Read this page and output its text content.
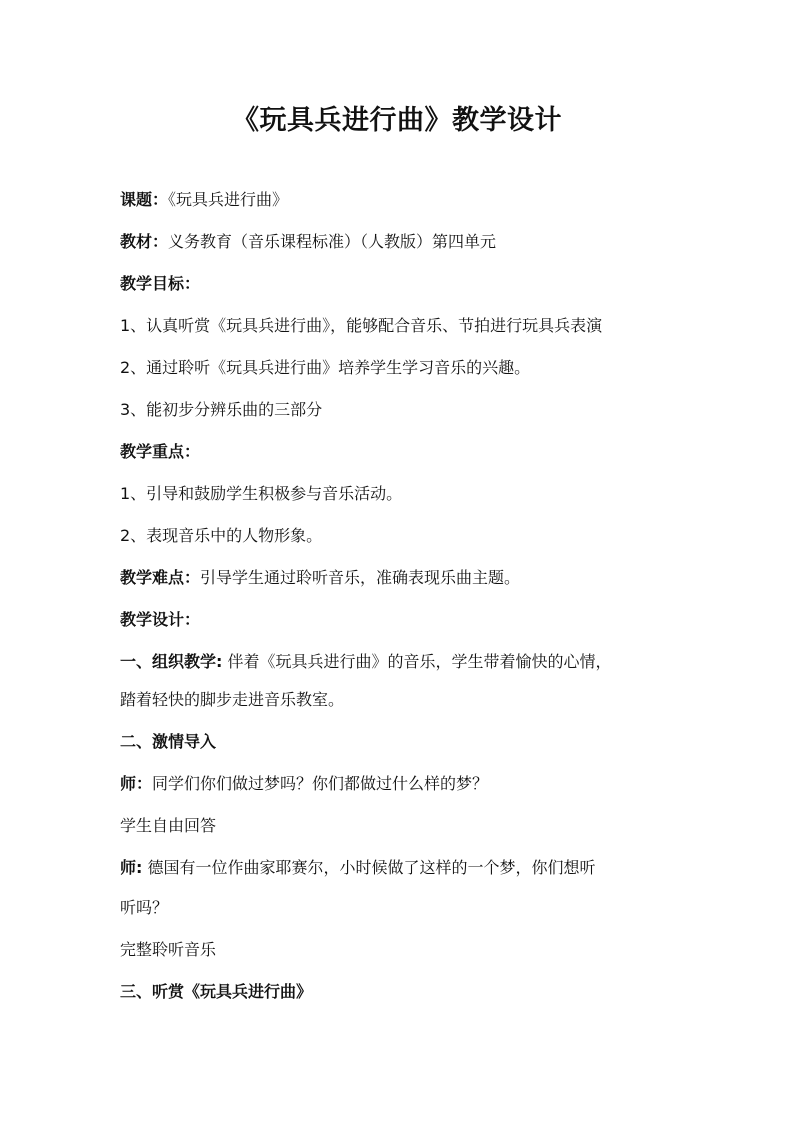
《玩具兵进行曲》教学设计
课题：《玩具兵进行曲》
教材：义务教育（音乐课程标准）（人教版）第四单元
教学目标：
1、认真听赏《玩具兵进行曲》，能够配合音乐、节拍进行玩具兵表演
2、通过聆听《玩具兵进行曲》培养学生学习音乐的兴趣。
3、能初步分辨乐曲的三部分
教学重点：
1、引导和鼓励学生积极参与音乐活动。
2、表现音乐中的人物形象。
教学难点：引导学生通过聆听音乐，准确表现乐曲主题。
教学设计：
一、组织教学: 伴着《玩具兵进行曲》的音乐，学生带着愉快的心情，
踏着轻快的脚步走进音乐教室。
二、激情导入
师：同学们你们做过梦吗？你们都做过什么样的梦？
学生自由回答
师: 德国有一位作曲家耶赛尔，小时候做了这样的一个梦，你们想听
听吗？
完整聆听音乐
三、听赏《玩具兵进行曲》
